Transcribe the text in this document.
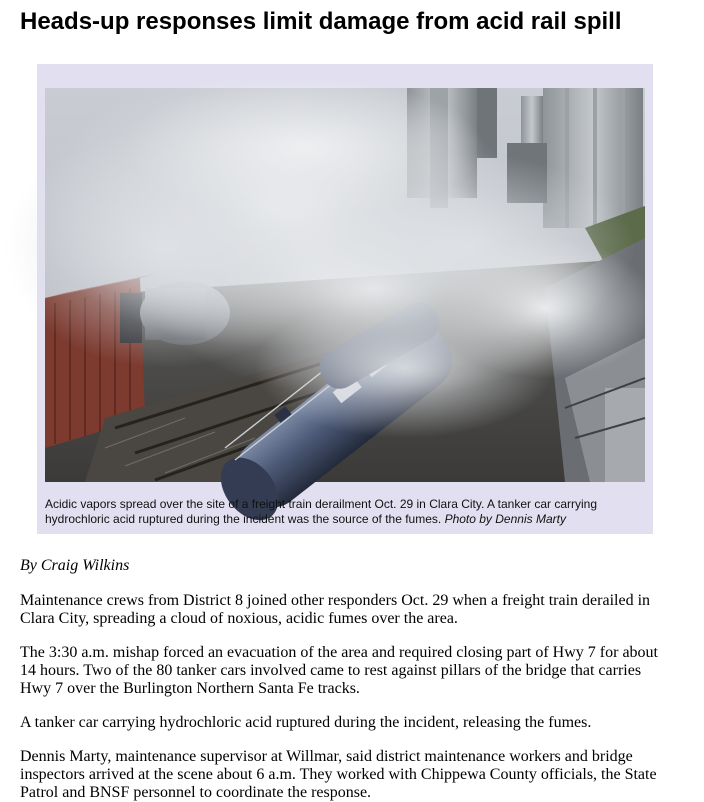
Heads-up responses limit damage from acid rail spill
Acidic vapors spread over the site of a freight train derailment Oct. 29 in Clara City. A tanker car carrying hydrochloric acid ruptured during the incident was the source of the fumes. Photo by Dennis Marty

By Craig Wilkins

Maintenance crews from District 8 joined other responders Oct. 29 when a freight train derailed in Clara City, spreading a cloud of noxious, acidic fumes over the area.

The 3:30 a.m. mishap forced an evacuation of the area and required closing part of Hwy 7 for about 14 hours. Two of the 80 tanker cars involved came to rest against pillars of the bridge that carries Hwy 7 over the Burlington Northern Santa Fe tracks.

A tanker car carrying hydrochloric acid ruptured during the incident, releasing the fumes.

Dennis Marty, maintenance supervisor at Willmar, said district maintenance workers and bridge inspectors arrived at the scene about 6 a.m. They worked with Chippewa County officials, the State Patrol and BNSF personnel to coordinate the response.
